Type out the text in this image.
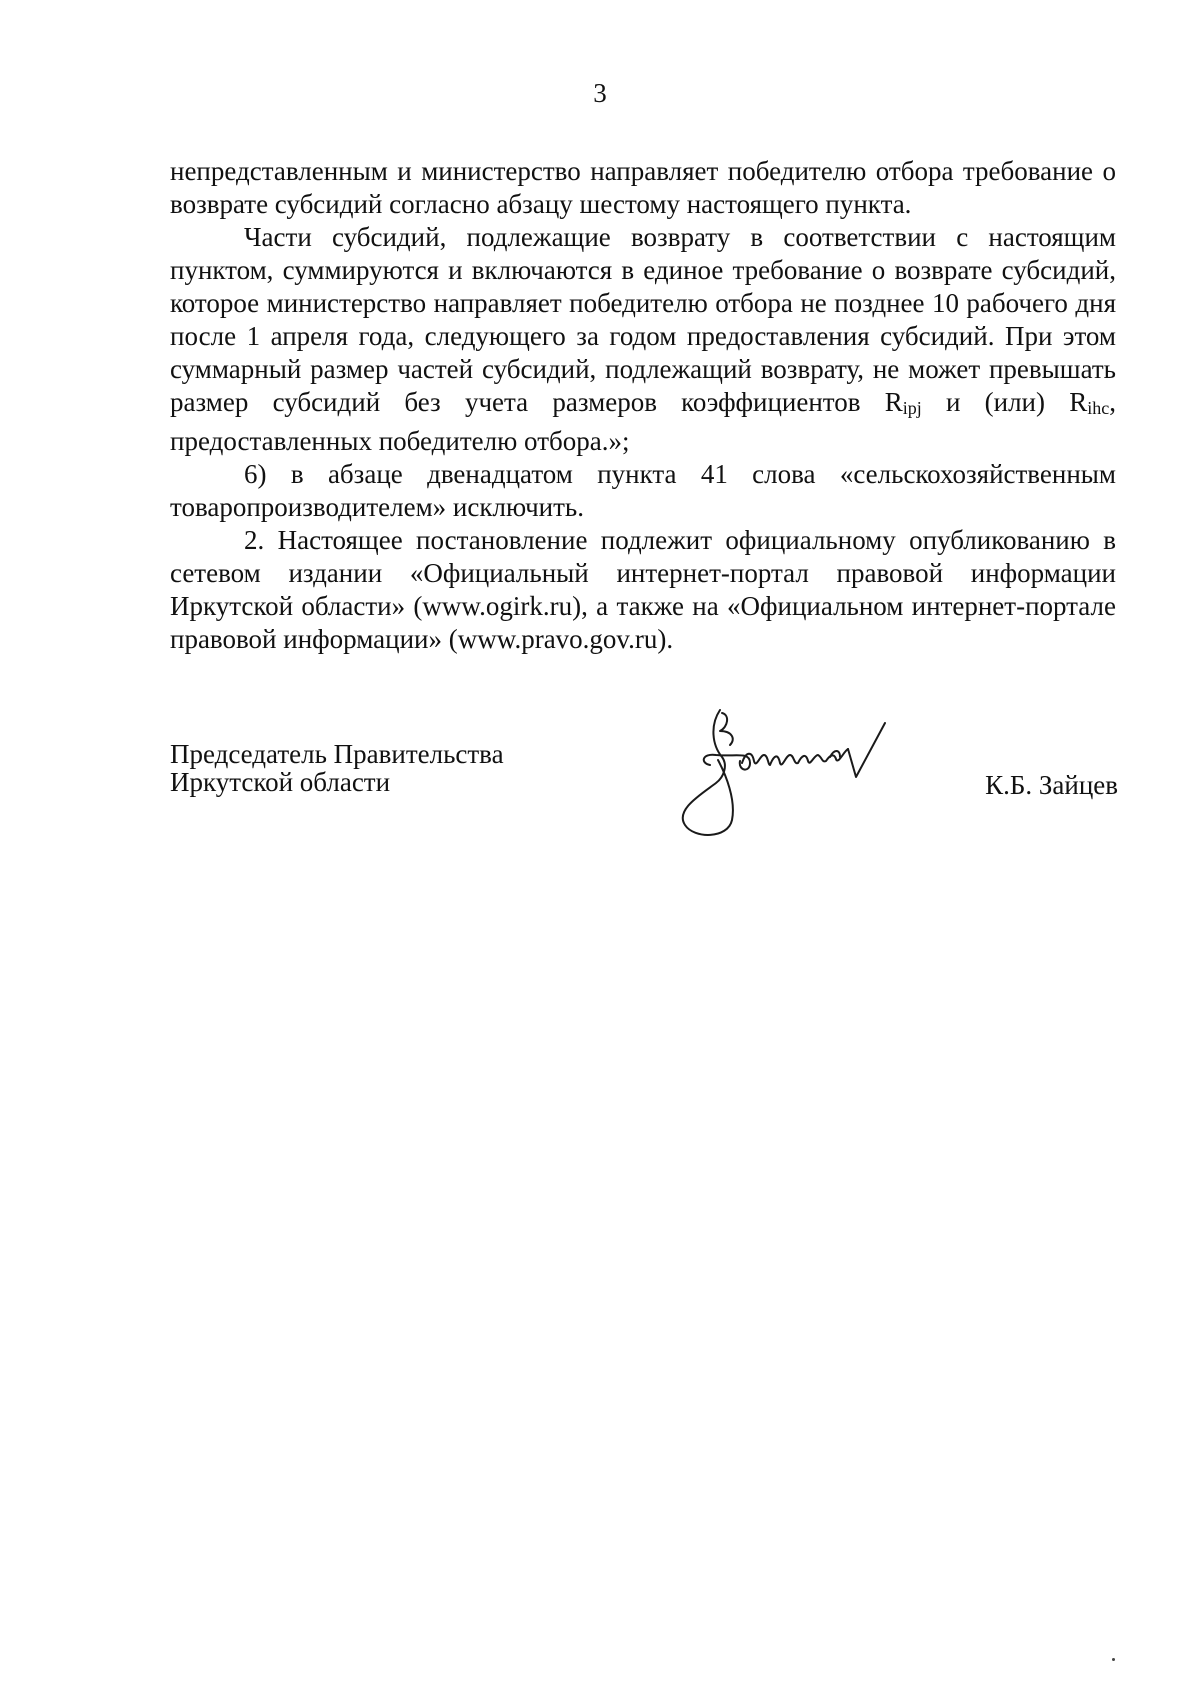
3

непредставленным и министерство направляет победителю отбора требование о возврате субсидий согласно абзацу шестому настоящего пункта.

Части субсидий, подлежащие возврату в соответствии с настоящим пунктом, суммируются и включаются в единое требование о возврате субсидий, которое министерство направляет победителю отбора не позднее 10 рабочего дня после 1 апреля года, следующего за годом предоставления субсидий. При этом суммарный размер частей субсидий, подлежащий возврату, не может превышать размер субсидий без учета размеров коэффициентов Ripj и (или) Rihc, предоставленных победителю отбора.»;

6) в абзаце двенадцатом пункта 41 слова «сельскохозяйственным товаропроизводителем» исключить.

2. Настоящее постановление подлежит официальному опубликованию в сетевом издании «Официальный интернет-портал правовой информации Иркутской области» (www.ogirk.ru), а также на «Официальном интернет-портале правовой информации» (www.pravo.gov.ru).

Председатель Правительства
Иркутской области	К.Б. Зайцев
